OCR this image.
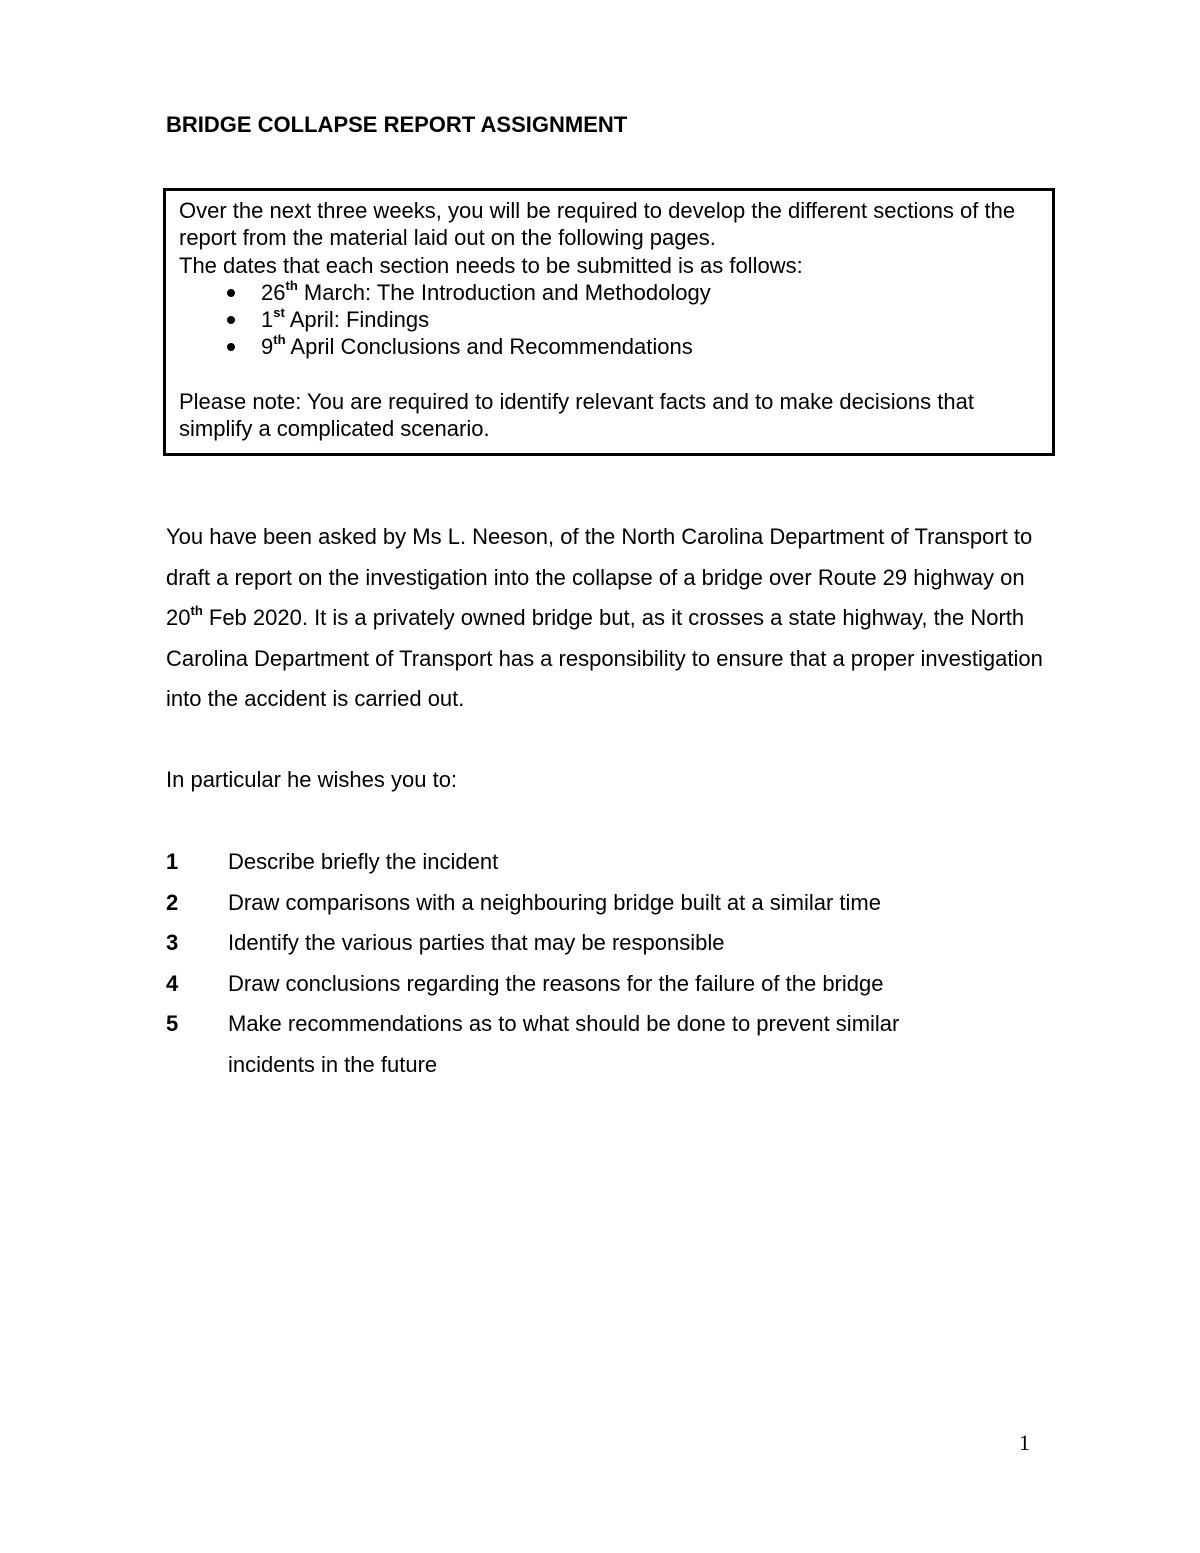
BRIDGE COLLAPSE REPORT ASSIGNMENT

Over the next three weeks, you will be required to develop the different sections of the report from the material laid out on the following pages.

The dates that each section needs to be submitted is as follows:

26th March: The Introduction and Methodology
1st April: Findings
9th April Conclusions and Recommendations

Please note: You are required to identify relevant facts and to make decisions that simplify a complicated scenario.

You have been asked by Ms L. Neeson, of the North Carolina Department of Transport to draft a report on the investigation into the collapse of a bridge over Route 29 highway on 20th Feb 2020. It is a privately owned bridge but, as it crosses a state highway, the North Carolina Department of Transport has a responsibility to ensure that a proper investigation into the accident is carried out.

In particular he wishes you to:

1	Describe briefly the incident
2	Draw comparisons with a neighbouring bridge built at a similar time
3	Identify the various parties that may be responsible
4	Draw conclusions regarding the reasons for the failure of the bridge
5	Make recommendations as to what should be done to prevent similar incidents in the future
1
